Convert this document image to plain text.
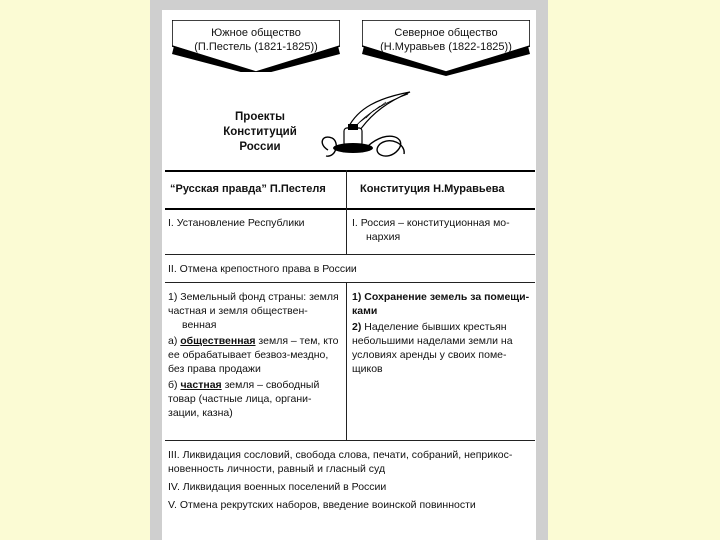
Южное общество
(П.Пестель (1821-1825))
Северное общество
(Н.Муравьев (1822-1825))
Проекты
Конституций
России
“Русская правда” П.Пестеля	Конституция Н.Муравьева
I. Установление Республики	I. Россия – конституционная мо-

нархия

II. Отмена крепостного права в России

1) Земельный фонд страны: земля частная и земля обществен-

венная

а) общественная земля – тем, кто ее обрабатывает безвоз-мездно, без права продажи

б) частная земля – свободный товар (частные лица, органи-зации, казна)

1) Сохранение земель за помещи-ками

2) Наделение бывших крестьян небольшими наделами земли на условиях аренды у своих поме-щиков

III. Ликвидация сословий, свобода слова, печати, собраний, неприкос-новенность личности, равный и гласный суд

IV. Ликвидация военных поселений в России

V. Отмена рекрутских наборов, введение воинской повинности
